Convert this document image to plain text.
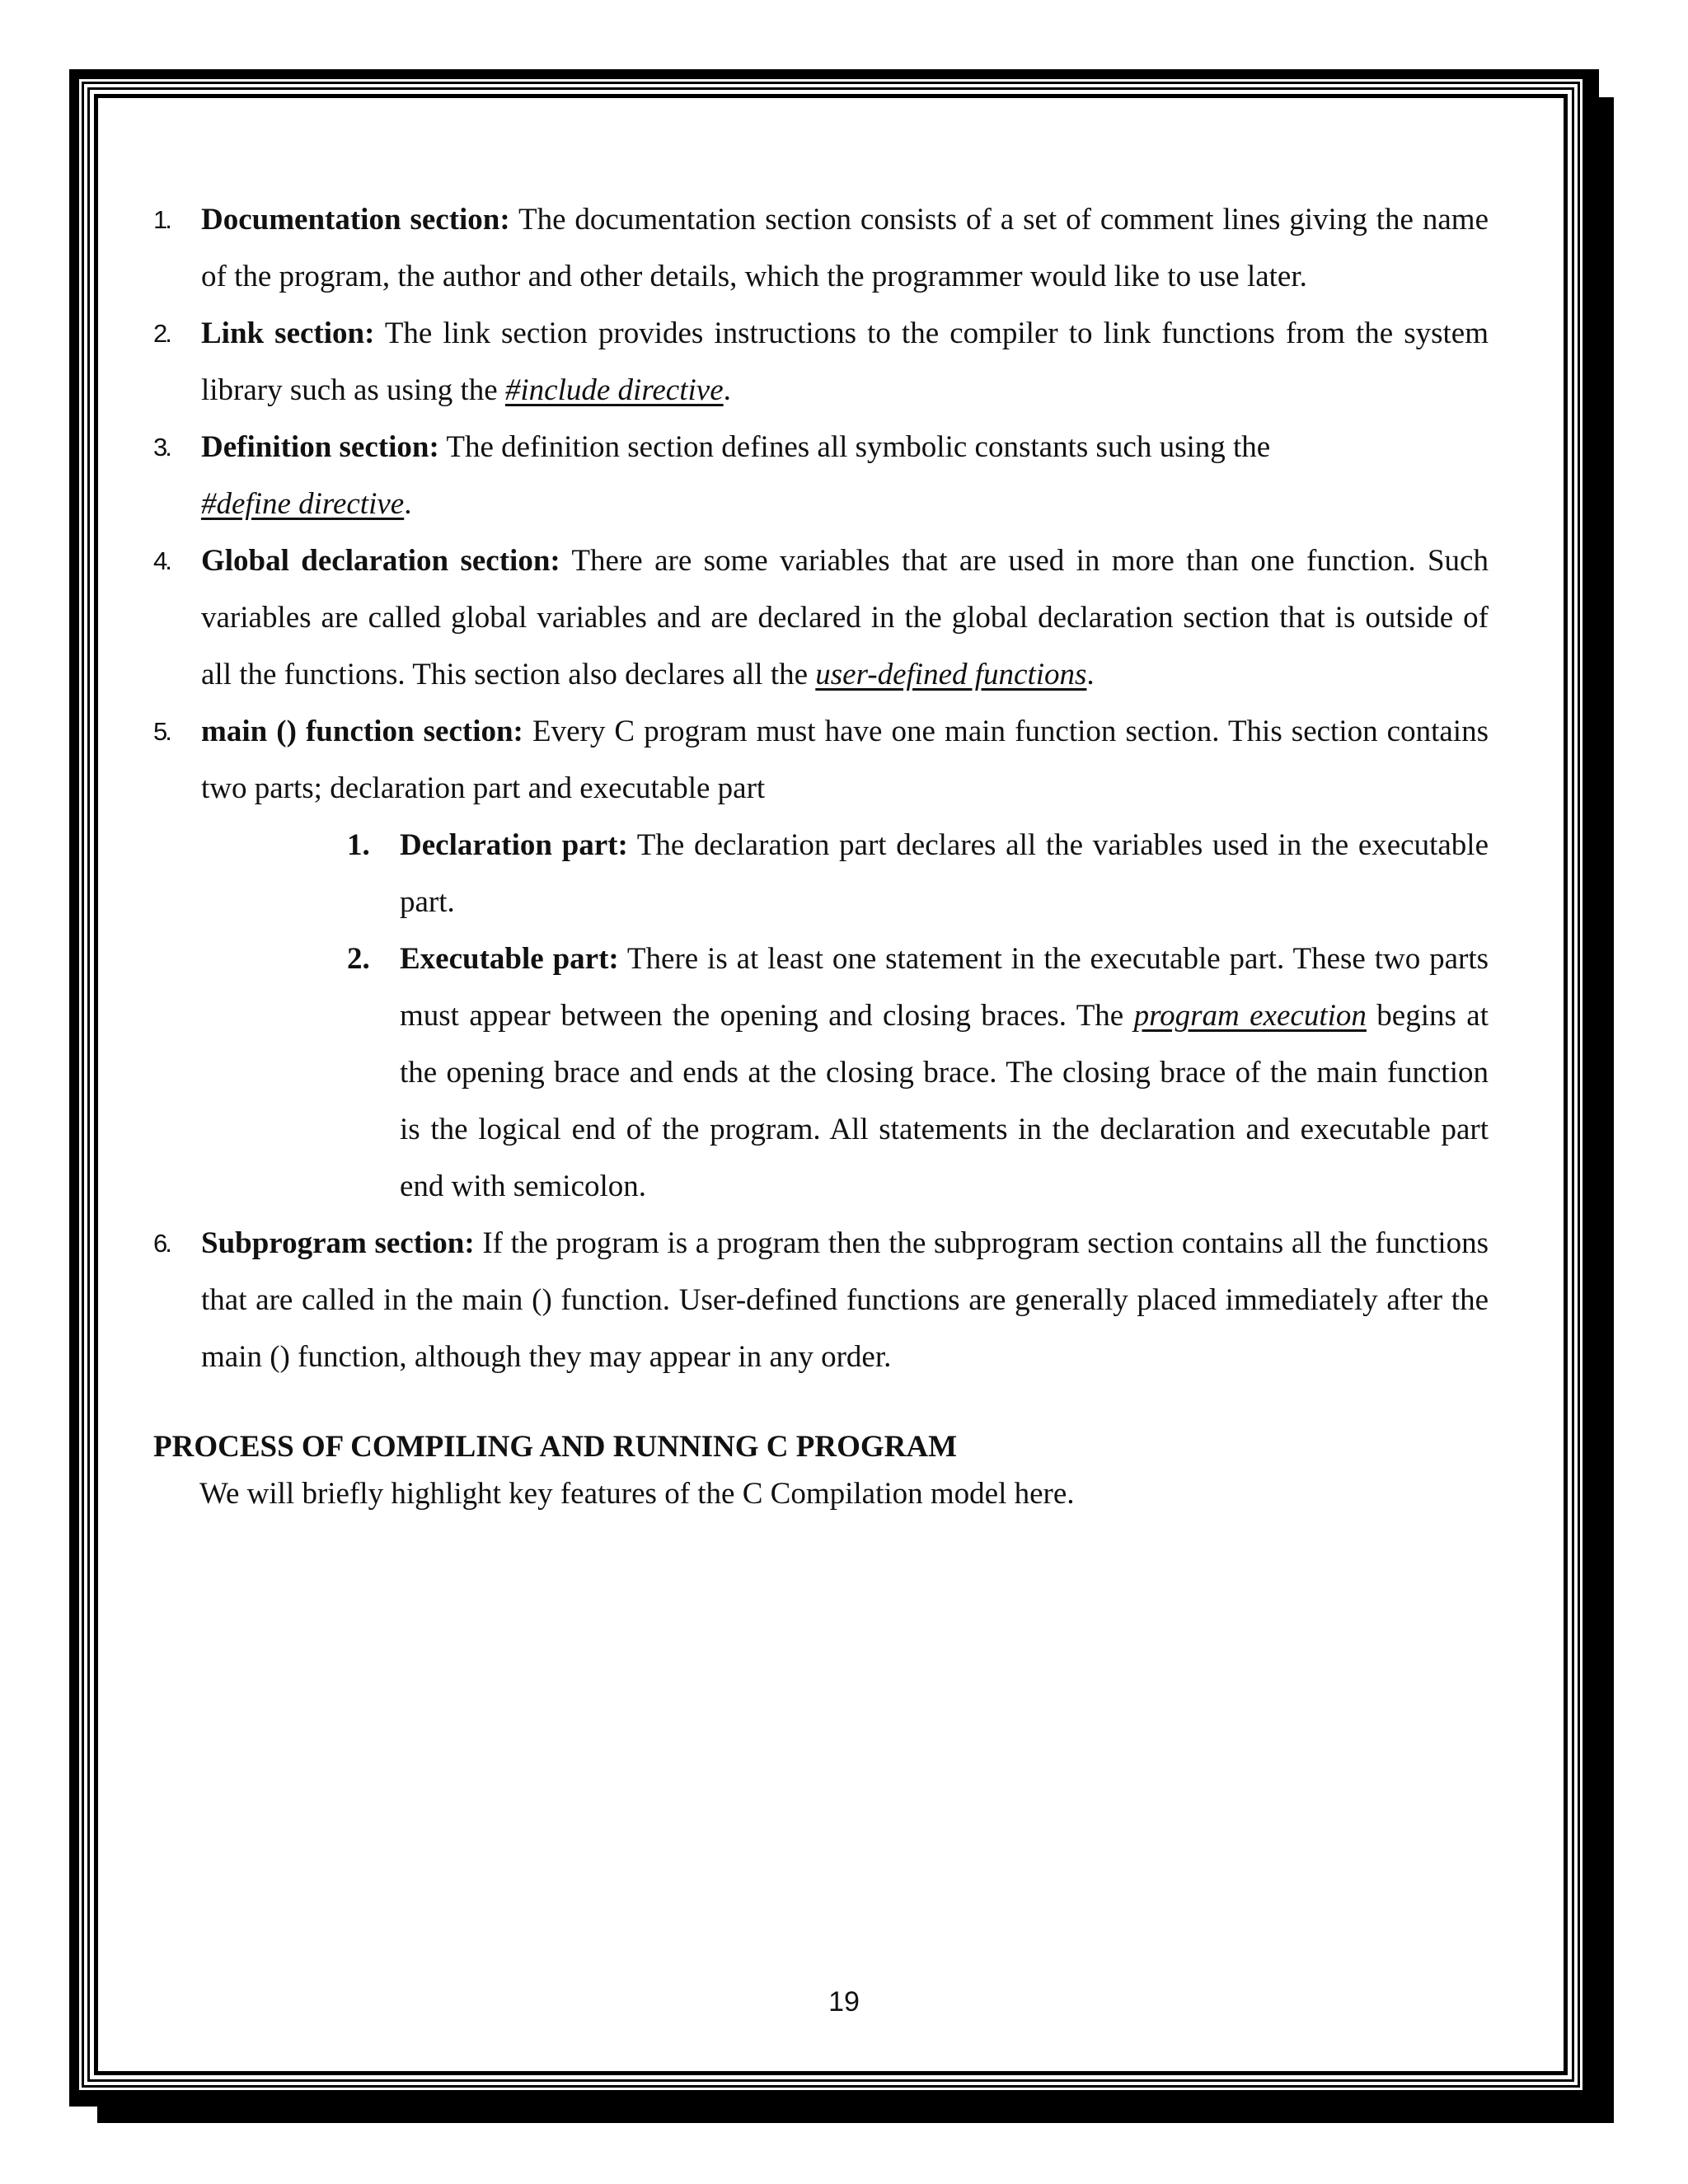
1. Documentation section: The documentation section consists of a set of comment lines giving the name of the program, the author and other details, which the programmer would like to use later.
2. Link section: The link section provides instructions to the compiler to link functions from the system library such as using the #include directive.
3. Definition section: The definition section defines all symbolic constants such using the
#define directive.
4. Global declaration section: There are some variables that are used in more than one function. Such variables are called global variables and are declared in the global declaration section that is outside of all the functions. This section also declares all the user-defined functions.
5. main () function section: Every C program must have one main function section. This section contains two parts; declaration part and executable part
1. Declaration part: The declaration part declares all the variables used in the executable part.
2. Executable part: There is at least one statement in the executable part. These two parts must appear between the opening and closing braces. The program execution begins at the opening brace and ends at the closing brace. The closing brace of the main function is the logical end of the program. All statements in the declaration and executable part end with semicolon.
6. Subprogram section: If the program is a program then the subprogram section contains all the functions that are called in the main () function. User-defined functions are generally placed immediately after the main () function, although they may appear in any order.
PROCESS OF COMPILING AND RUNNING C PROGRAM
We will briefly highlight key features of the C Compilation model here.
19
